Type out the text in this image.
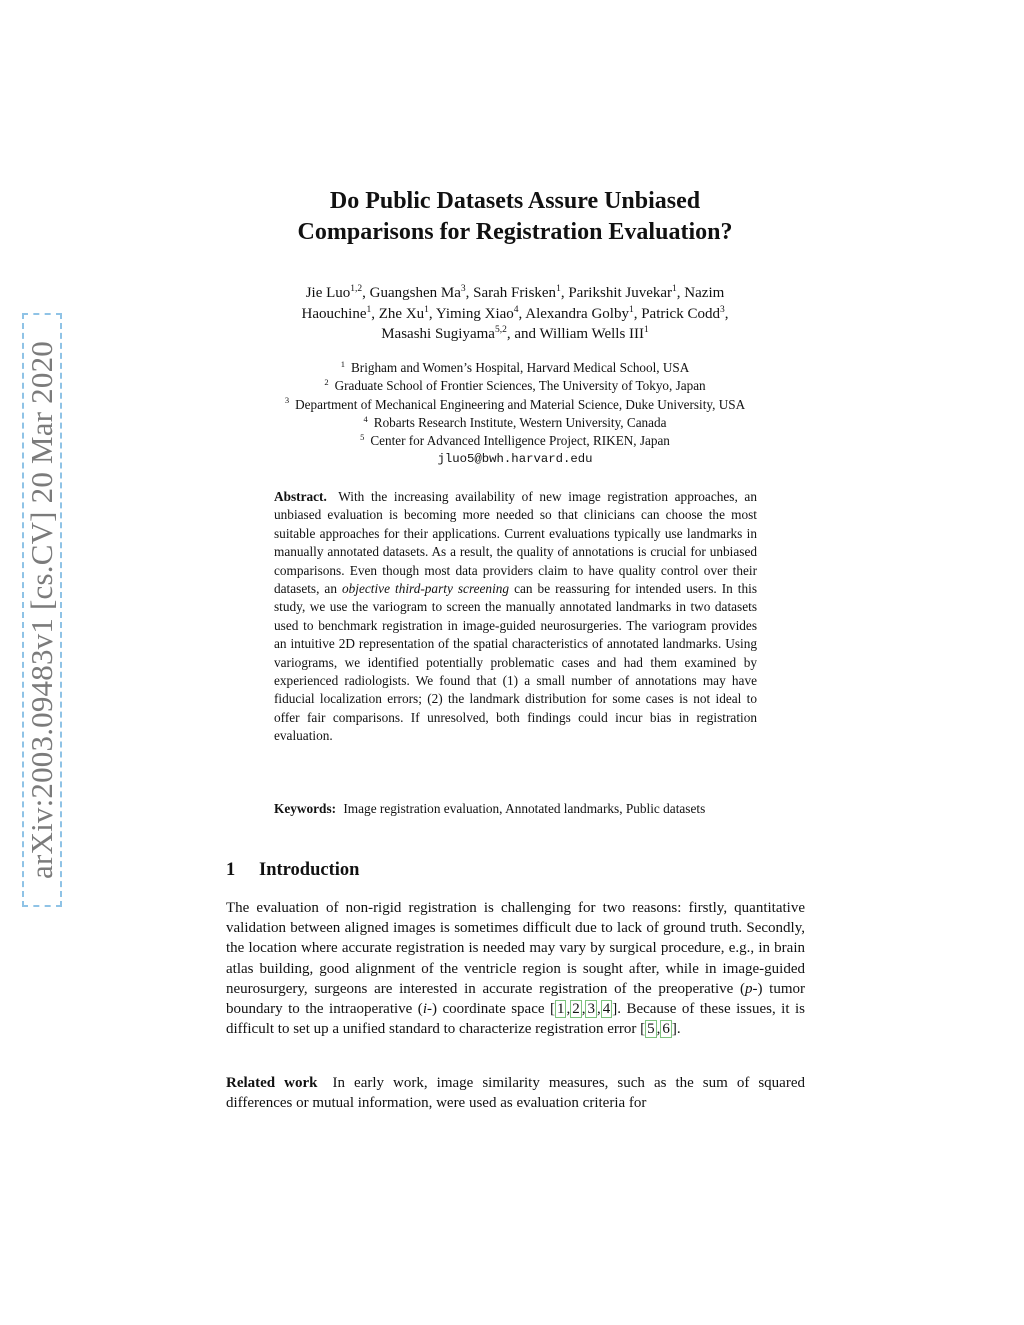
arXiv:2003.09483v1 [cs.CV] 20 Mar 2020
Do Public Datasets Assure Unbiased
Comparisons for Registration Evaluation?
Jie Luo$^{1,2}$, Guangshen Ma$^3$, Sarah Frisken$^1$, Parikshit Juvekar$^1$, Nazim
Haouchine$^1$, Zhe Xu$^1$, Yiming Xiao$^4$, Alexandra Golby$^1$, Patrick Codd$^3$,
Masashi Sugiyama$^{5,2}$, and William Wells III$^1$
$^1$ Brigham and Women’s Hospital, Harvard Medical School, USA
$^2$ Graduate School of Frontier Sciences, The University of Tokyo, Japan
$^3$ Department of Mechanical Engineering and Material Science, Duke University, USA
$^4$ Robarts Research Institute, Western University, Canada
$^5$ Center for Advanced Intelligence Project, RIKEN, Japan
jluo5@bwh.harvard.edu
Abstract. With the increasing availability of new image registration approaches, an unbiased evaluation is becoming more needed so that clinicians can choose the most suitable approaches for their applications. Current evaluations typically use landmarks in manually annotated datasets. As a result, the quality of annotations is crucial for unbiased comparisons. Even though most data providers claim to have quality control over their datasets, an objective third-party screening can be reassuring for intended users. In this study, we use the variogram to screen the manually annotated landmarks in two datasets used to benchmark registration in image-guided neurosurgeries. The variogram provides an intuitive 2D representation of the spatial characteristics of annotated landmarks. Using variograms, we identified potentially problematic cases and had them examined by experienced radiologists. We found that (1) a small number of annotations may have fiducial localization errors; (2) the landmark distribution for some cases is not ideal to offer fair comparisons. If unresolved, both findings could incur bias in registration evaluation.
Keywords: Image registration evaluation, Annotated landmarks, Public datasets
1 Introduction
The evaluation of non-rigid registration is challenging for two reasons: firstly, quantitative validation between aligned images is sometimes difficult due to lack of ground truth. Secondly, the location where accurate registration is needed may vary by surgical procedure, e.g., in brain atlas building, good alignment of the ventricle region is sought after, while in image-guided neurosurgery, surgeons are interested in accurate registration of the preoperative (p-) tumor boundary to the intraoperative (i-) coordinate space [ 1 , 2 , 3 , 4 ]. Because of these issues, it is difficult to set up a unified standard to characterize registration error [ 5 , 6 ].
Related work In early work, image similarity measures, such as the sum of squared differences or mutual information, were used as evaluation criteria for
